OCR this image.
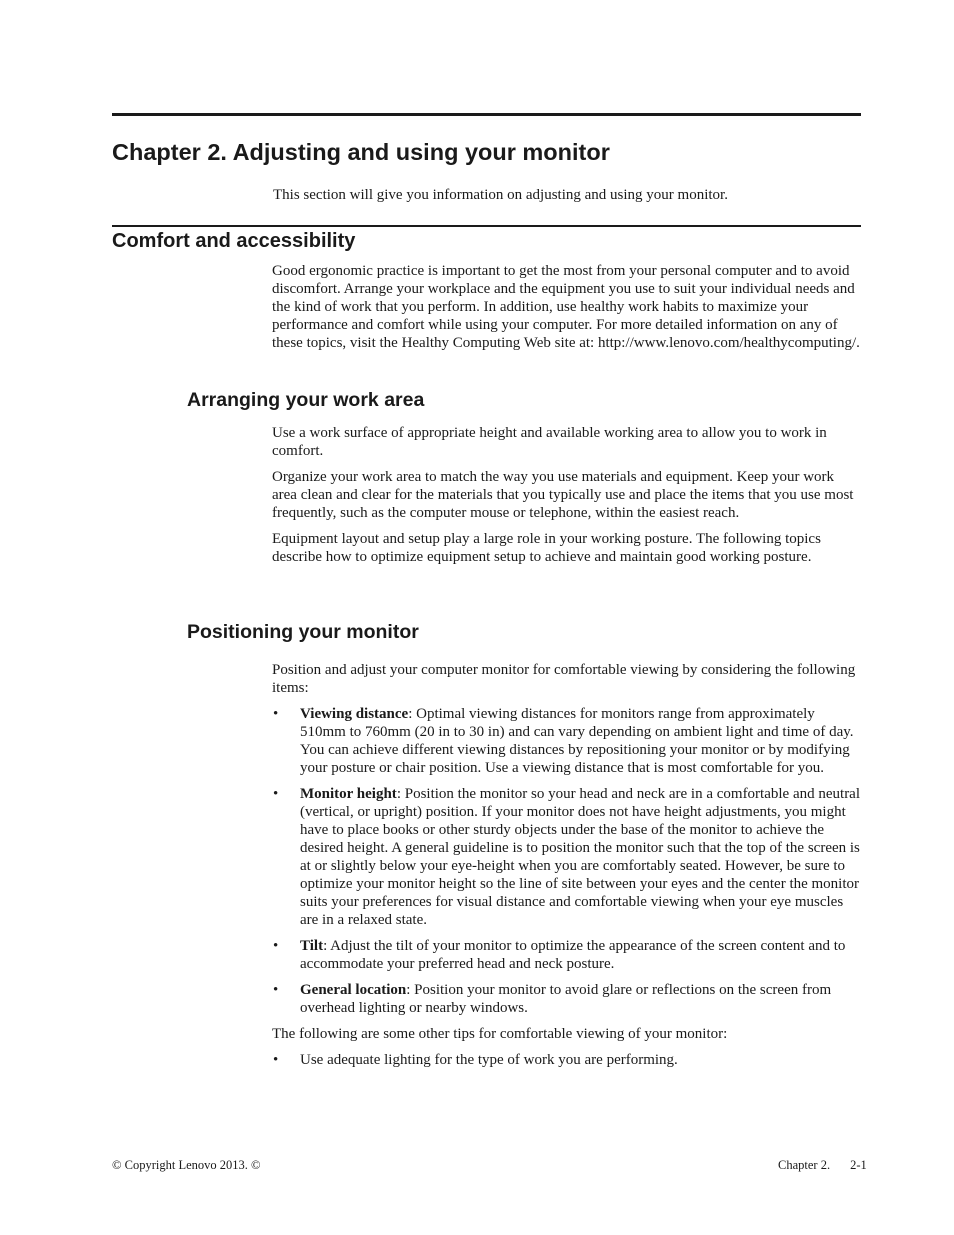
Chapter 2. Adjusting and using your monitor

This section will give you information on adjusting and using your monitor.

Comfort and accessibility

Good ergonomic practice is important to get the most from your personal computer and to avoid discomfort. Arrange your workplace and the equipment you use to suit your individual needs and the kind of work that you perform. In addition, use healthy work habits to maximize your performance and comfort while using your computer. For more detailed information on any of these topics, visit the Healthy Computing Web site at: http://www.lenovo.com/healthycomputing/.

Arranging your work area

Use a work surface of appropriate height and available working area to allow you to work in comfort.

Organize your work area to match the way you use materials and equipment. Keep your work area clean and clear for the materials that you typically use and place the items that you use most frequently, such as the computer mouse or telephone, within the easiest reach.

Equipment layout and setup play a large role in your working posture. The following topics describe how to optimize equipment setup to achieve and maintain good working posture.

Positioning your monitor

Position and adjust your computer monitor for comfortable viewing by considering the following items:

• Viewing distance: Optimal viewing distances for monitors range from approximately 510mm to 760mm (20 in to 30 in) and can vary depending on ambient light and time of day. You can achieve different viewing distances by repositioning your monitor or by modifying your posture or chair position. Use a viewing distance that is most comfortable for you.
• Monitor height: Position the monitor so your head and neck are in a comfortable and neutral (vertical, or upright) position. If your monitor does not have height adjustments, you might have to place books or other sturdy objects under the base of the monitor to achieve the desired height. A general guideline is to position the monitor such that the top of the screen is at or slightly below your eye-height when you are comfortably seated. However, be sure to optimize your monitor height so the line of site between your eyes and the center the monitor suits your preferences for visual distance and comfortable viewing when your eye muscles are in a relaxed state.
• Tilt: Adjust the tilt of your monitor to optimize the appearance of the screen content and to accommodate your preferred head and neck posture.
• General location: Position your monitor to avoid glare or reflections on the screen from overhead lighting or nearby windows.

The following are some other tips for comfortable viewing of your monitor:

• Use adequate lighting for the type of work you are performing.
© Copyright Lenovo 2013. ©	Chapter 2. 2-1
